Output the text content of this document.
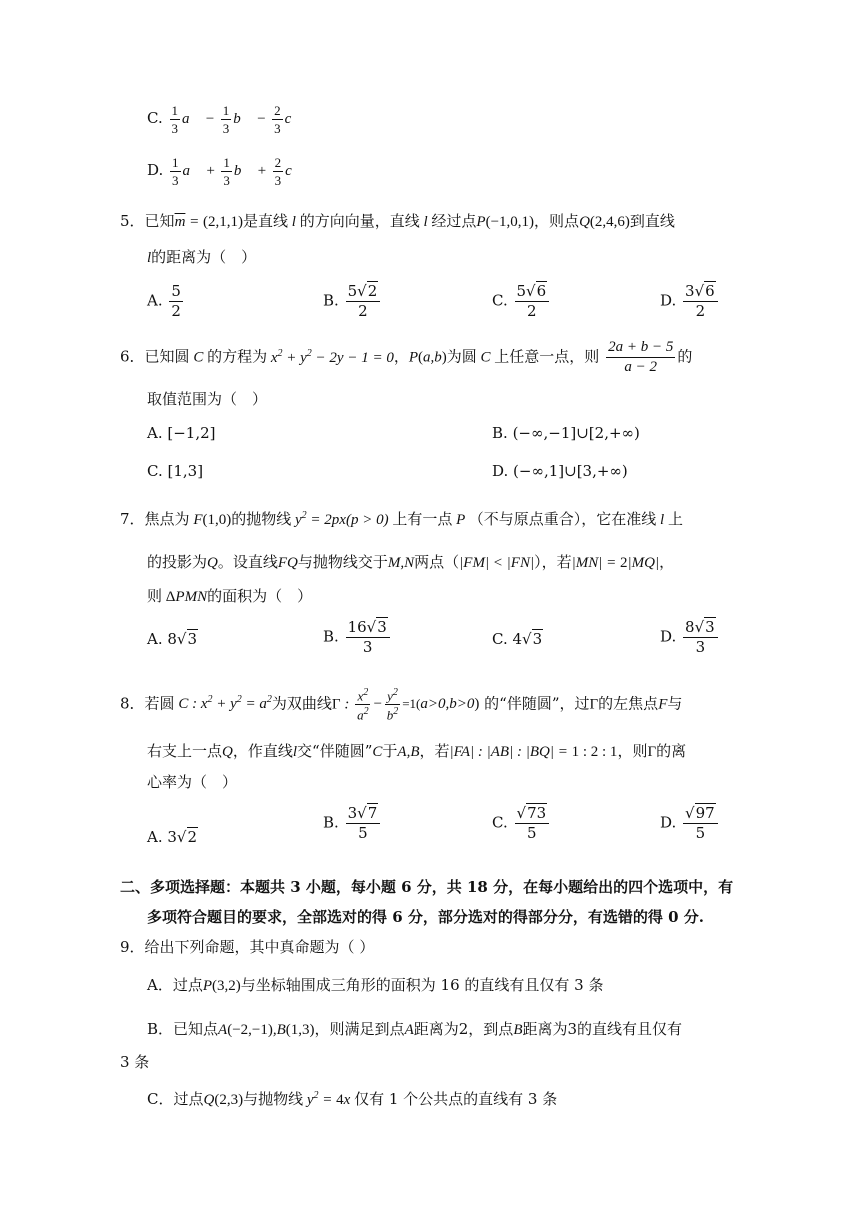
C. $\frac{1}{3}$ a⃗ − $\frac{1}{3}$ b⃗ − $\frac{2}{3}$ c⃗
D. $\frac{1}{3}$ a⃗ + $\frac{1}{3}$ b⃗ + $\frac{2}{3}$ c⃗
5．已知$\overline{m} = (2,1,1)$是直线 l 的方向向量，直线 l 经过点P(−1,0,1)，则点Q(2,4,6)到直线
l的距离为（　）
A. $\frac{5}{2}$	B. $\frac{5√2}{2}$	C. $\frac{5√6}{2}$	D. $\frac{3√6}{2}$
6．已知圆 C 的方程为 $x^2 + y^2 - 2y - 1 = 0$，P(a,b)为圆 C 上任意一点，则 $\frac{2a + b - 5}{a - 2}$ 的
取值范围为（　）
A. [−1,2]	B. (−∞,−1]∪[2,+∞)
C. [1,3]	D. (−∞,1]∪[3,+∞)
7．焦点为 F(1,0)的抛物线 $y^2 = 2px(p > 0)$ 上有一点 P （不与原点重合），它在准线 l 上
的投影为Q。设直线FQ与抛物线交于M,N两点（|FM| < |FN|），若|MN| = 2|MQ|，
则 ΔPMN的面积为（　）
A. 8√3	B. $\frac{16√3}{3}$	C. 4√3	D. $\frac{8√3}{3}$
8．若圆 C : $x^2 + y^2 = a^2$为双曲线Γ : $\frac{x^2}{a^2} - \frac{y^2}{b^2} =1(a>0,b>0)$ 的“伴随圆”，过Γ的左焦点F与
右支上一点Q，作直线l交“伴随圆”C于A,B，若|FA| : |AB| : |BQ| = 1 : 2 : 1，则Γ的离
心率为（　）
A. 3√2
B. $\frac{3√7}{5}$	C. $\frac{√73}{5}$	D. $\frac{√97}{5}$
二、多项选择题：本题共 3 小题，每小题 6 分，共 18 分，在每小题给出的四个选项中，有
多项符合题目的要求，全部选对的得 6 分，部分选对的得部分分，有选错的得 0 分.
9．给出下列命题，其中真命题为（ ）
A．过点P(3,2)与坐标轴围成三角形的面积为 16 的直线有且仅有 3 条
B．已知点A(−2,−1),B(1,3)，则满足到点A距离为2，到点B距离为3的直线有且仅有
3 条
C．过点Q(2,3)与抛物线 $y^2 = 4x$ 仅有 1 个公共点的直线有 3 条
